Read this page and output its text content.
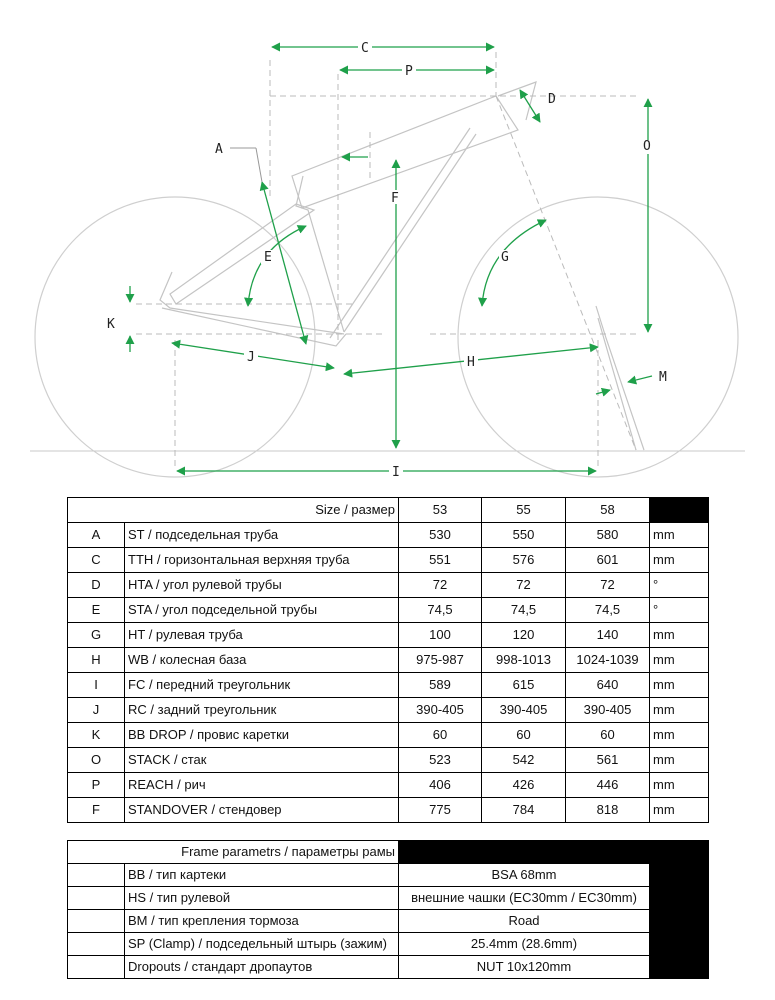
C
P
D
O
A
F
E	G
K
J	H
M
I
Size / размер		53	55	58	
A	ST / подседельная труба	530	550	580	mm
C	TTH / горизонтальная верхняя труба	551	576	601	mm
D	HTA / угол рулевой трубы	72	72	72	°
E	STA / угол подседельной трубы	74,5	74,5	74,5	°
G	HT / рулевая труба	100	120	140	mm
H	WB / колесная база	975-987	998-1013	1024-1039	mm
I	FC / передний треугольник	589	615	640	mm
J	RC / задний треугольник	390-405	390-405	390-405	mm
K	BB DROP / провис каретки	60	60	60	mm
O	STACK / стак	523	542	561	mm
P	REACH / рич	406	426	446	mm
F	STANDOVER / стендовер	775	784	818	mm
Frame parametrs / параметры рамы			
	BB / тип картеки	BSA 68mm	
	HS / тип рулевой	внешние чашки (EC30mm / EC30mm)	
	BM / тип крепления тормоза	Road	
	SP (Clamp) / подседельный штырь (зажим)	25.4mm (28.6mm)	
	Dropouts / стандарт дропаутов	NUT 10x120mm	
